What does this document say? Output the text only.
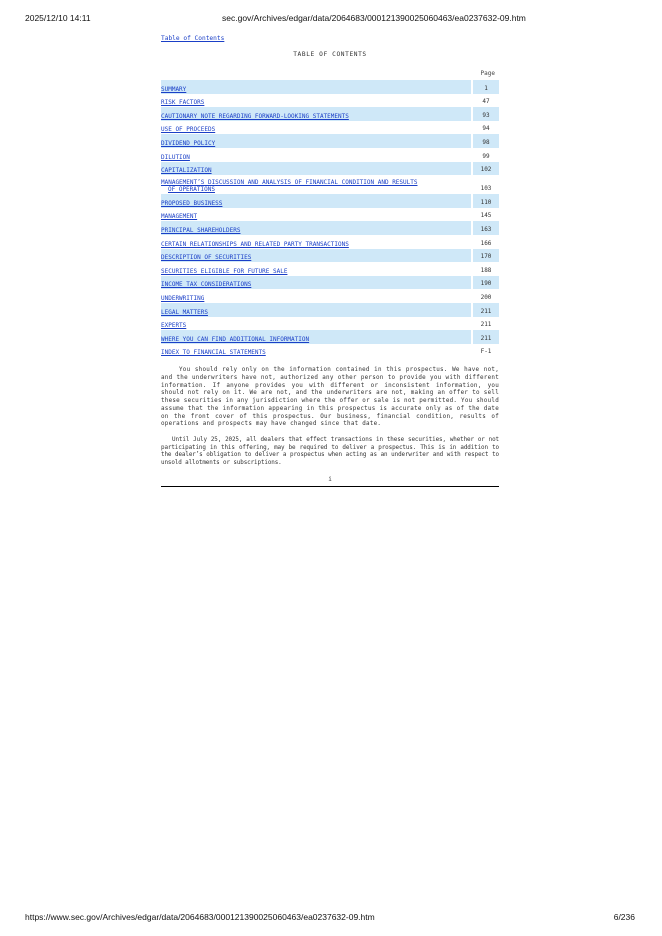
2025/12/10 14:11	sec.gov/Archives/edgar/data/2064683/000121390025060463/ea0237632-09.htm
Table of Contents
TABLE OF CONTENTS
Page
SUMMARY		1
RISK FACTORS		47
CAUTIONARY NOTE REGARDING FORWARD-LOOKING STATEMENTS		93
USE OF PROCEEDS		94
DIVIDEND POLICY		98
DILUTION		99
CAPITALIZATION		102

MANAGEMENT’S DISCUSSION AND ANALYSIS OF FINANCIAL CONDITION AND RESULTS
OF OPERATIONS		103
PROPOSED BUSINESS		110
MANAGEMENT		145
PRINCIPAL SHAREHOLDERS		163
CERTAIN RELATIONSHIPS AND RELATED PARTY TRANSACTIONS		166
DESCRIPTION OF SECURITIES		170
SECURITIES ELIGIBLE FOR FUTURE SALE		188
INCOME TAX CONSIDERATIONS		190
UNDERWRITING		200
LEGAL MATTERS		211
EXPERTS		211
WHERE YOU CAN FIND ADDITIONAL INFORMATION		211
INDEX TO FINANCIAL STATEMENTS		F-1

You should rely only on the information contained in this prospectus. We have not, and the underwriters have not, authorized any other person to provide you with different information. If anyone provides you with different or inconsistent information, you should not rely on it. We are not, and the underwriters are not, making an offer to sell these securities in any jurisdiction where the offer or sale is not permitted. You should assume that the information appearing in this prospectus is accurate only as of the date on the front cover of this prospectus. Our business, financial condition, results of operations and prospects may have changed since that date.

Until July 25, 2025, all dealers that effect transactions in these securities, whether or not participating in this offering, may be required to deliver a prospectus. This is in addition to the dealer’s obligation to deliver a prospectus when acting as an underwriter and with respect to unsold allotments or subscriptions.

i
https://www.sec.gov/Archives/edgar/data/2064683/000121390025060463/ea0237632-09.htm	6/236
